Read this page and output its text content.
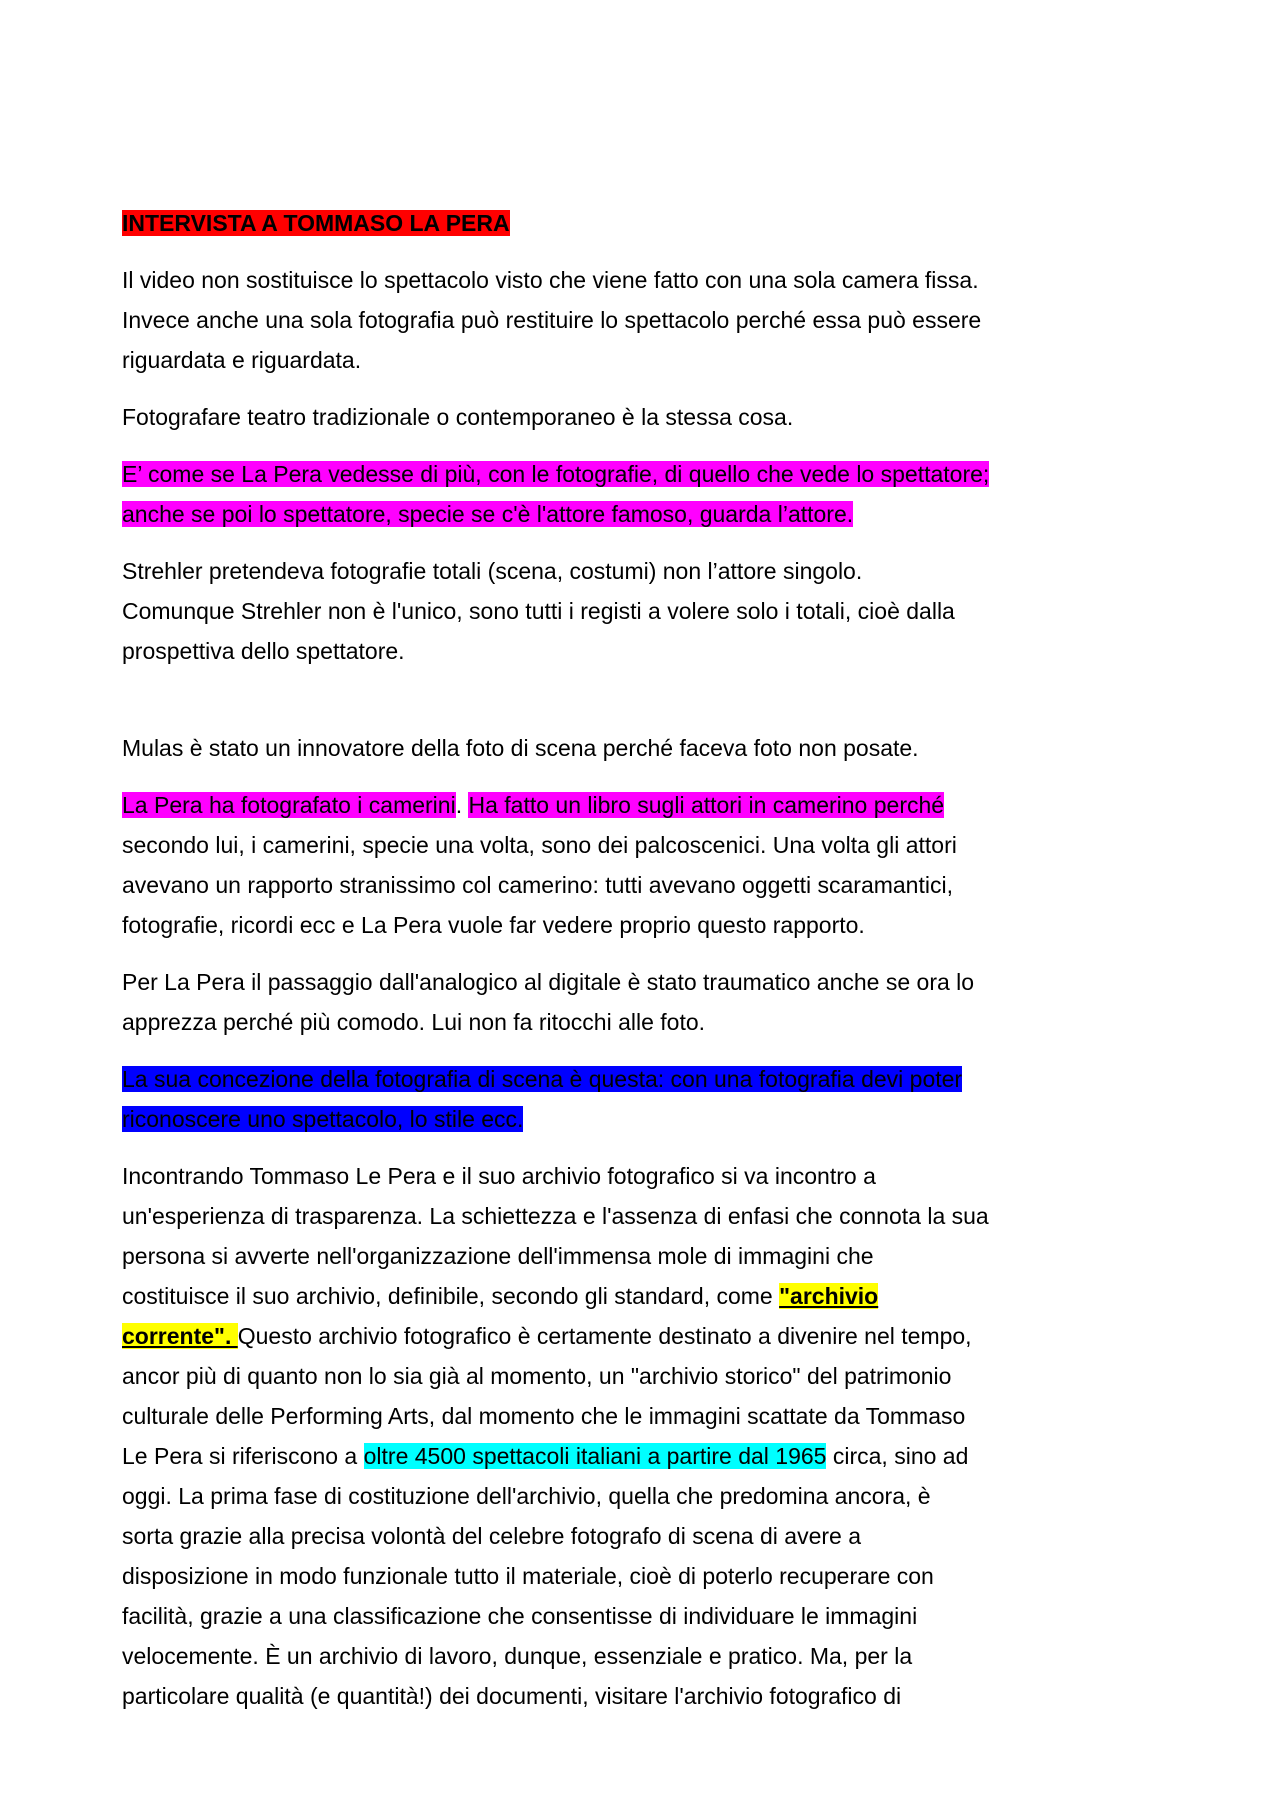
INTERVISTA A TOMMASO LA PERA

Il video non sostituisce lo spettacolo visto che viene fatto con una sola camera fissa.
Invece anche una sola fotografia può restituire lo spettacolo perché essa può essere
riguardata e riguardata.

Fotografare teatro tradizionale o contemporaneo è la stessa cosa.

E’ come se La Pera vedesse di più, con le fotografie, di quello che vede lo spettatore;
anche se poi lo spettatore, specie se c'è l'attore famoso, guarda l’attore.

Strehler pretendeva fotografie totali (scena, costumi) non l’attore singolo.
Comunque Strehler non è l'unico, sono tutti i registi a volere solo i totali, cioè dalla
prospettiva dello spettatore.

Mulas è stato un innovatore della foto di scena perché faceva foto non posate.

La Pera ha fotografato i camerini. Ha fatto un libro sugli attori in camerino perché
secondo lui, i camerini, specie una volta, sono dei palcoscenici. Una volta gli attori
avevano un rapporto stranissimo col camerino: tutti avevano oggetti scaramantici,
fotografie, ricordi ecc e La Pera vuole far vedere proprio questo rapporto.

Per La Pera il passaggio dall'analogico al digitale è stato traumatico anche se ora lo
apprezza perché più comodo. Lui non fa ritocchi alle foto.

La sua concezione della fotografia di scena è questa: con una fotografia devi poter
riconoscere uno spettacolo, lo stile ecc.

Incontrando Tommaso Le Pera e il suo archivio fotografico si va incontro a
un'esperienza di trasparenza. La schiettezza e l'assenza di enfasi che connota la sua
persona si avverte nell'organizzazione dell'immensa mole di immagini che
costituisce il suo archivio, definibile, secondo gli standard, come "archivio
corrente". Questo archivio fotografico è certamente destinato a divenire nel tempo,
ancor più di quanto non lo sia già al momento, un "archivio storico" del patrimonio
culturale delle Performing Arts, dal momento che le immagini scattate da Tommaso
Le Pera si riferiscono a oltre 4500 spettacoli italiani a partire dal 1965 circa, sino ad
oggi. La prima fase di costituzione dell'archivio, quella che predomina ancora, è
sorta grazie alla precisa volontà del celebre fotografo di scena di avere a
disposizione in modo funzionale tutto il materiale, cioè di poterlo recuperare con
facilità, grazie a una classificazione che consentisse di individuare le immagini
velocemente. È un archivio di lavoro, dunque, essenziale e pratico. Ma, per la
particolare qualità (e quantità!) dei documenti, visitare l'archivio fotografico di
